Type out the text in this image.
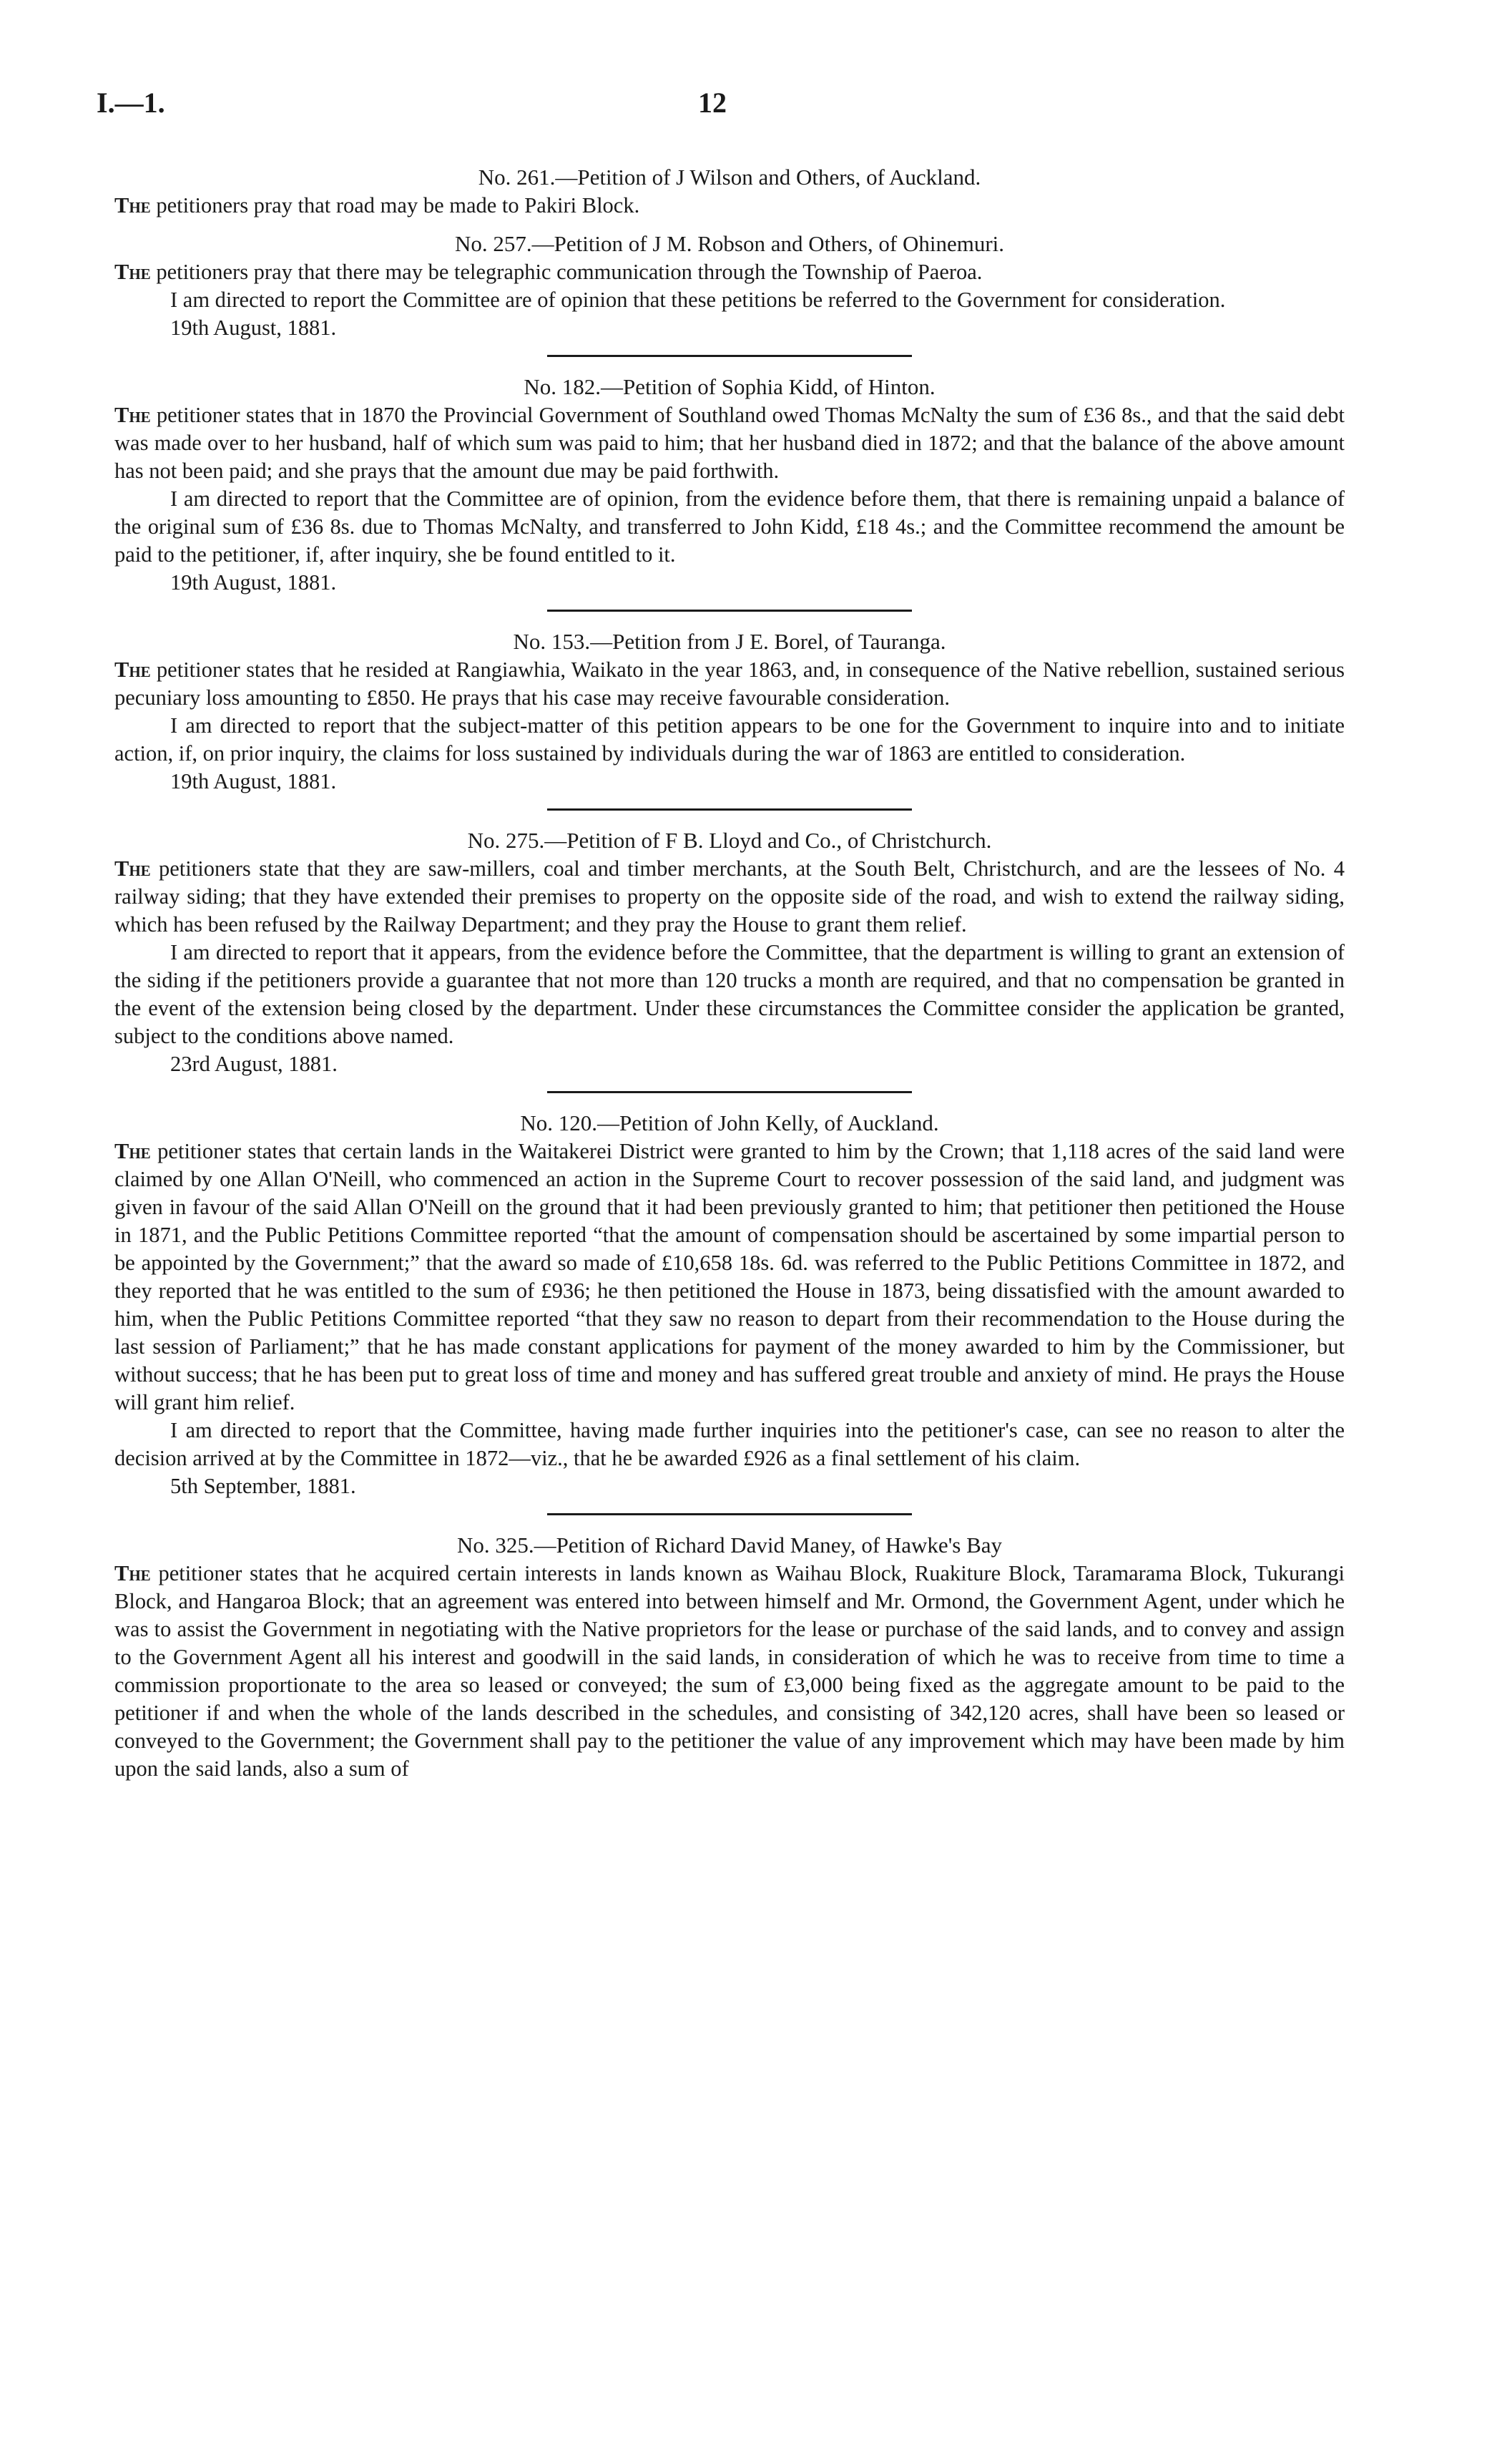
I.—1.	12

No. 261.—Petition of J Wilson and Others, of Auckland.

The petitioners pray that road may be made to Pakiri Block.

No. 257.—Petition of J M. Robson and Others, of Ohinemuri.

The petitioners pray that there may be telegraphic communication through the Township of Paeroa.

I am directed to report the Committee are of opinion that these petitions be referred to the Government for consideration.

19th August, 1881.

No. 182.—Petition of Sophia Kidd, of Hinton.

The petitioner states that in 1870 the Provincial Government of Southland owed Thomas McNalty the sum of £36 8s., and that the said debt was made over to her husband, half of which sum was paid to him; that her husband died in 1872; and that the balance of the above amount has not been paid; and she prays that the amount due may be paid forthwith.

I am directed to report that the Committee are of opinion, from the evidence before them, that there is remaining unpaid a balance of the original sum of £36 8s. due to Thomas McNalty, and transferred to John Kidd, £18 4s.; and the Committee recommend the amount be paid to the petitioner, if, after inquiry, she be found entitled to it.

19th August, 1881.

No. 153.—Petition from J E. Borel, of Tauranga.

The petitioner states that he resided at Rangiawhia, Waikato in the year 1863, and, in consequence of the Native rebellion, sustained serious pecuniary loss amounting to £850. He prays that his case may receive favourable consideration.

I am directed to report that the subject-matter of this petition appears to be one for the Government to inquire into and to initiate action, if, on prior inquiry, the claims for loss sustained by individuals during the war of 1863 are entitled to consideration.

19th August, 1881.

No. 275.—Petition of F B. Lloyd and Co., of Christchurch.

The petitioners state that they are saw-millers, coal and timber merchants, at the South Belt, Christchurch, and are the lessees of No. 4 railway siding; that they have extended their premises to property on the opposite side of the road, and wish to extend the railway siding, which has been refused by the Railway Department; and they pray the House to grant them relief.

I am directed to report that it appears, from the evidence before the Committee, that the department is willing to grant an extension of the siding if the petitioners provide a guarantee that not more than 120 trucks a month are required, and that no compensation be granted in the event of the extension being closed by the department. Under these circumstances the Committee consider the application be granted, subject to the conditions above named.

23rd August, 1881.

No. 120.—Petition of John Kelly, of Auckland.

The petitioner states that certain lands in the Waitakerei District were granted to him by the Crown; that 1,118 acres of the said land were claimed by one Allan O'Neill, who commenced an action in the Supreme Court to recover possession of the said land, and judgment was given in favour of the said Allan O'Neill on the ground that it had been previously granted to him; that petitioner then petitioned the House in 1871, and the Public Petitions Committee reported “that the amount of compensation should be ascertained by some impartial person to be appointed by the Government;” that the award so made of £10,658 18s. 6d. was referred to the Public Petitions Committee in 1872, and they reported that he was entitled to the sum of £936; he then petitioned the House in 1873, being dissatisfied with the amount awarded to him, when the Public Petitions Committee reported “that they saw no reason to depart from their recommendation to the House during the last session of Parliament;” that he has made constant applications for payment of the money awarded to him by the Commissioner, but without success; that he has been put to great loss of time and money and has suffered great trouble and anxiety of mind. He prays the House will grant him relief.

I am directed to report that the Committee, having made further inquiries into the petitioner's case, can see no reason to alter the decision arrived at by the Committee in 1872—viz., that he be awarded £926 as a final settlement of his claim.

5th September, 1881.

No. 325.—Petition of Richard David Maney, of Hawke's Bay

The petitioner states that he acquired certain interests in lands known as Waihau Block, Ruakiture Block, Taramarama Block, Tukurangi Block, and Hangaroa Block; that an agreement was entered into between himself and Mr. Ormond, the Government Agent, under which he was to assist the Government in negotiating with the Native proprietors for the lease or purchase of the said lands, and to convey and assign to the Government Agent all his interest and goodwill in the said lands, in consideration of which he was to receive from time to time a commission proportionate to the area so leased or conveyed; the sum of £3,000 being fixed as the aggregate amount to be paid to the petitioner if and when the whole of the lands described in the schedules, and consisting of 342,120 acres, shall have been so leased or conveyed to the Government; the Government shall pay to the petitioner the value of any improvement which may have been made by him upon the said lands, also a sum of
